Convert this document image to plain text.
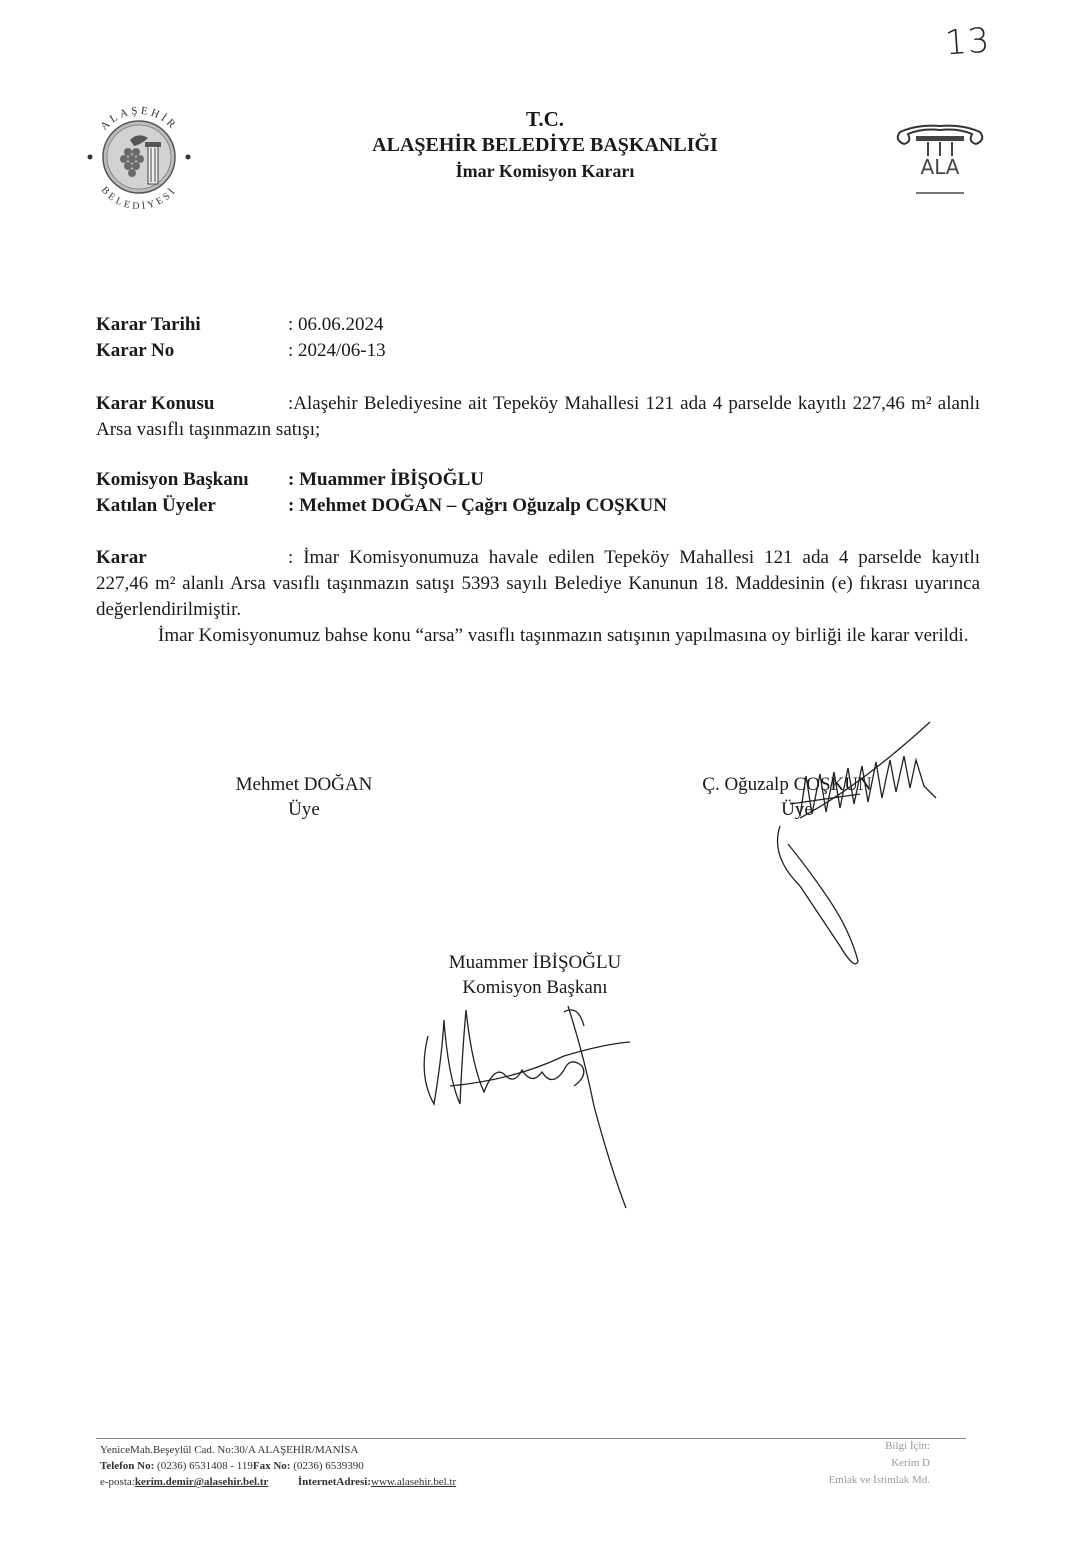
13
ALAŞEHİR
BELEDİYESİ
ALA
T.C.
ALAŞEHİR BELEDİYE BAŞKANLIĞI
İmar Komisyon Kararı
Karar Tarihi	: 06.06.2024
Karar No	: 2024/06-13
Karar Konusu	:Alaşehir Belediyesine ait Tepeköy Mahallesi 121 ada 4 parselde kayıtlı 227,46 m² alanlı Arsa vasıflı taşınmazın satışı;
Komisyon Başkanı	: Muammer İBİŞOĞLU
Katılan Üyeler	: Mehmet DOĞAN – Çağrı Oğuzalp COŞKUN
Karar	: İmar Komisyonumuza havale edilen Tepeköy Mahallesi 121 ada 4 parselde kayıtlı 227,46 m² alanlı Arsa vasıflı taşınmazın satışı 5393 sayılı Belediye Kanunun 18. Maddesinin (e) fıkrası uyarınca değerlendirilmiştir.
İmar Komisyonumuz bahse konu “arsa” vasıflı taşınmazın satışının yapılmasına oy birliği ile karar verildi.
Mehmet DOĞAN
Üye
Ç. Oğuzalp COŞKUN
Üye
Muammer İBİŞOĞLU
Komisyon Başkanı
YeniceMah.Beşeylül Cad. No:30/A ALAŞEHİR/MANİSA
Telefon No: (0236) 6531408 - 119Fax No: (0236) 6539390
e-posta:kerim.demir@alasehir.bel.tr	İnternetAdresi:www.alasehir.bel.tr
Bilgi İçin:
Kerim D
Emlak ve İstimlak Md.
